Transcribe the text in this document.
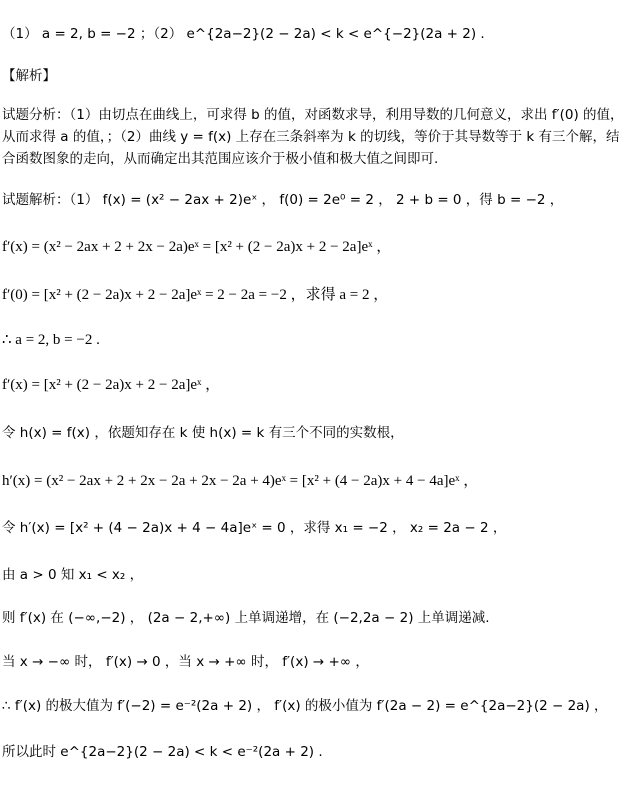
（1） a = 2, b = −2 ；（2） e^{2a−2}(2 − 2a) < k < e^{−2}(2a + 2) .
【解析】
试题分析：（1）由切点在曲线上，可求得 b 的值，对函数求导，利用导数的几何意义，求出 f′(0) 的值，从而求得 a 的值，；（2）曲线 y = f(x) 上存在三条斜率为 k 的切线，等价于其导数等于 k 有三个解，结合函数图象的走向，从而确定出其范围应该介于极小值和极大值之间即可.
试题解析：（1） f(x) = (x² − 2ax + 2)eˣ ， f(0) = 2e⁰ = 2 ， 2 + b = 0 ，得 b = −2 ，
f′(x) = (x² − 2ax + 2 + 2x − 2a)eˣ = [x² + (2 − 2a)x + 2 − 2a]eˣ ，
f′(0) = [x² + (2 − 2a)x + 2 − 2a]eˣ = 2 − 2a = −2 ，求得 a = 2 ，
∴ a = 2, b = −2 .
f′(x) = [x² + (2 − 2a)x + 2 − 2a]eˣ ，
令 h(x) = f(x) ，依题知存在 k 使 h(x) = k 有三个不同的实数根，
h′(x) = (x² − 2ax + 2 + 2x − 2a + 2x − 2a + 4)eˣ = [x² + (4 − 2a)x + 4 − 4a]eˣ ，
令 h′(x) = [x² + (4 − 2a)x + 4 − 4a]eˣ = 0 ，求得 x₁ = −2 ， x₂ = 2a − 2 ，
由 a > 0 知 x₁ < x₂ ，
则 f′(x) 在 (−∞,−2) ， (2a − 2,+∞) 上单调递增，在 (−2,2a − 2) 上单调递减.
当 x → −∞ 时， f′(x) → 0 ，当 x → +∞ 时， f′(x) → +∞ ，
∴ f′(x) 的极大值为 f′(−2) = e⁻²(2a + 2) ， f′(x) 的极小值为 f′(2a − 2) = e^{2a−2}(2 − 2a) ，
所以此时 e^{2a−2}(2 − 2a) < k < e⁻²(2a + 2) .
